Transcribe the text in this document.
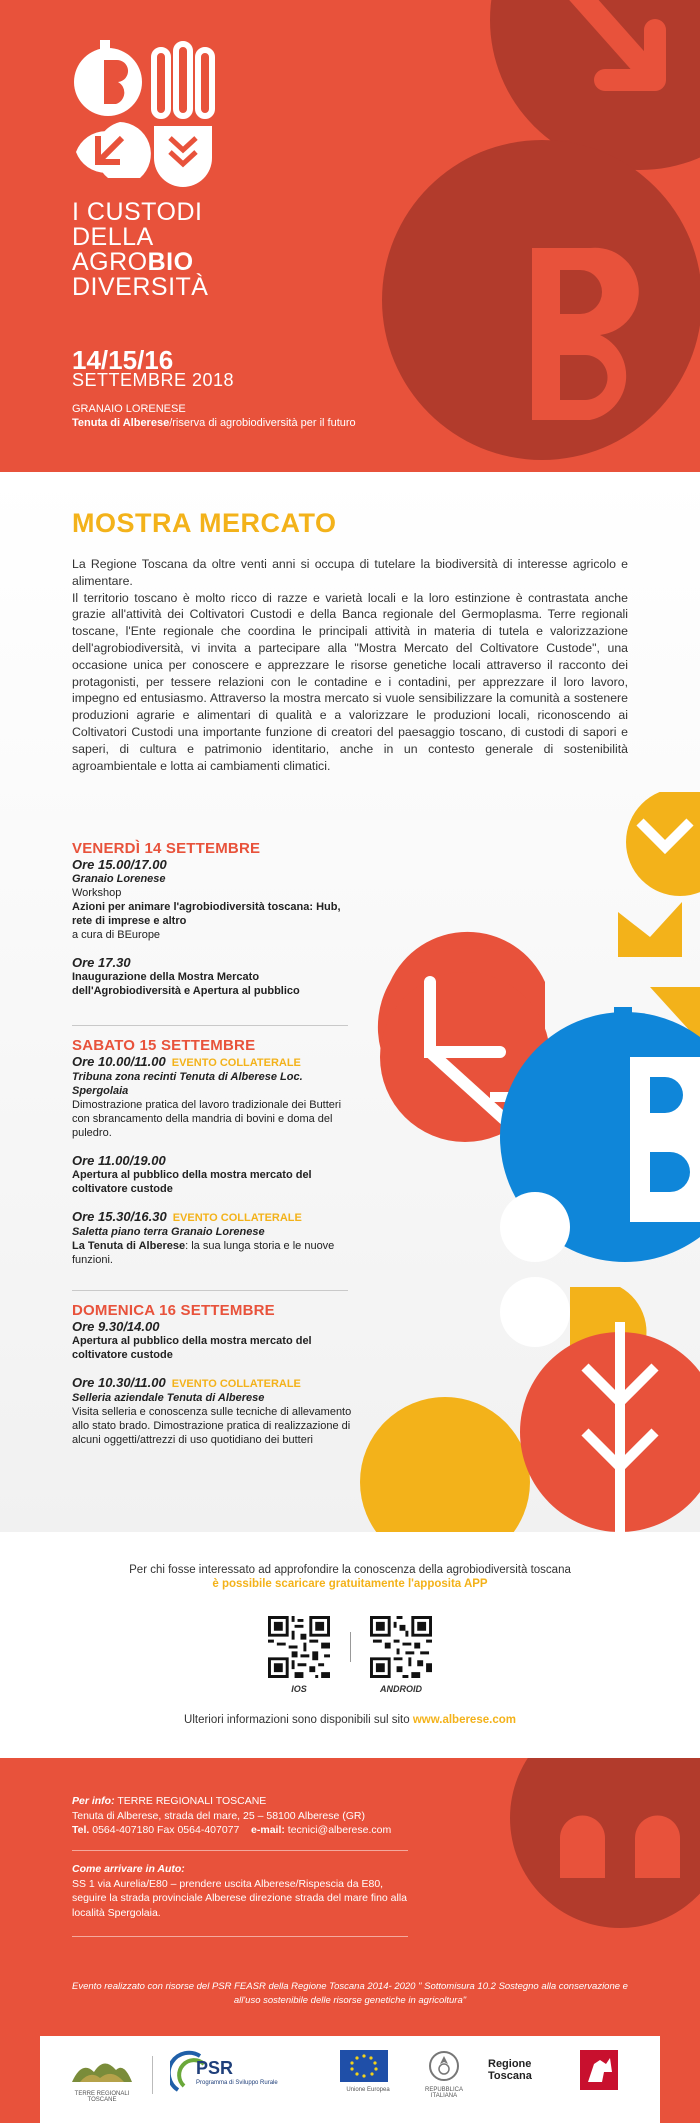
I CUSTODI
DELLA
AGROBIO
DIVERSITÀ
14/15/16
SETTEMBRE 2018
GRANAIO LORENESE
Tenuta di Alberese/riserva di agrobiodiversità per il futuro
MOSTRA MERCATO
La Regione Toscana da oltre venti anni si occupa di tutelare la biodiversità di interesse agricolo e alimentare.
Il territorio toscano è molto ricco di razze e varietà locali e la loro estinzione è contrastata anche grazie all'attività dei Coltivatori Custodi e della Banca regionale del Germoplasma. Terre regionali toscane, l'Ente regionale che coordina le principali attività in materia di tutela e valorizzazione dell'agrobiodiversità, vi invita a partecipare alla "Mostra Mercato del Coltivatore Custode", una occasione unica per conoscere e apprezzare le risorse genetiche locali attraverso il racconto dei protagonisti, per tessere relazioni con le contadine e i contadini, per apprezzare il loro lavoro, impegno ed entusiasmo. Attraverso la mostra mercato si vuole sensibilizzare la comunità a sostenere produzioni agrarie e alimentari di qualità e a valorizzare le produzioni locali, riconoscendo ai Coltivatori Custodi una importante funzione di creatori del paesaggio toscano, di custodi di sapori e saperi, di cultura e patrimonio identitario, anche in un contesto generale di sostenibilità agroambientale e lotta ai cambiamenti climatici.
VENERDÌ 14 SETTEMBRE
Ore 15.00/17.00
Granaio Lorenese
Workshop
Azioni per animare l'agrobiodiversità toscana: Hub, rete di imprese e altro
a cura di BEurope
Ore 17.30
Inaugurazione della Mostra Mercato dell'Agrobiodiversità e Apertura al pubblico
SABATO 15 SETTEMBRE
Ore 10.00/11.00 EVENTO COLLATERALE
Tribuna zona recinti Tenuta di Alberese Loc. Spergolaia
Dimostrazione pratica del lavoro tradizionale dei Butteri con sbrancamento della mandria di bovini e doma del puledro.
Ore 11.00/19.00
Apertura al pubblico della mostra mercato del coltivatore custode
Ore 15.30/16.30 EVENTO COLLATERALE
Saletta piano terra Granaio Lorenese
La Tenuta di Alberese: la sua lunga storia e le nuove funzioni.
DOMENICA 16 SETTEMBRE
Ore 9.30/14.00
Apertura al pubblico della mostra mercato del coltivatore custode
Ore 10.30/11.00 EVENTO COLLATERALE
Selleria aziendale Tenuta di Alberese
Visita selleria e conoscenza sulle tecniche di allevamento allo stato brado. Dimostrazione pratica di realizzazione di alcuni oggetti/attrezzi di uso quotidiano dei butteri
Per chi fosse interessato ad approfondire la conoscenza della agrobiodiversità toscana
è possibile scaricare gratuitamente l'apposita APP
IOS	ANDROID
Ulteriori informazioni sono disponibili sul sito www.alberese.com
Per info: TERRE REGIONALI TOSCANE
Tenuta di Alberese, strada del mare, 25 – 58100 Alberese (GR)
Tel. 0564-407180 Fax 0564-407077 e-mail: tecnici@alberese.com
Come arrivare in Auto:
SS 1 via Aurelia/E80 – prendere uscita Alberese/Rispescia da E80, seguire la strada provinciale Alberese direzione strada del mare fino alla località Spergolaia.
Evento realizzato con risorse del PSR FEASR della Regione Toscana 2014- 2020 " Sottomisura 10.2 Sostegno alla conservazione e all'uso sostenibile delle risorse genetiche in agricoltura"
TERRE REGIONALI TOSCANE
PSR
Programma di Sviluppo Rurale
Unione Europea	REPUBBLICA ITALIANA
Regione Toscana
